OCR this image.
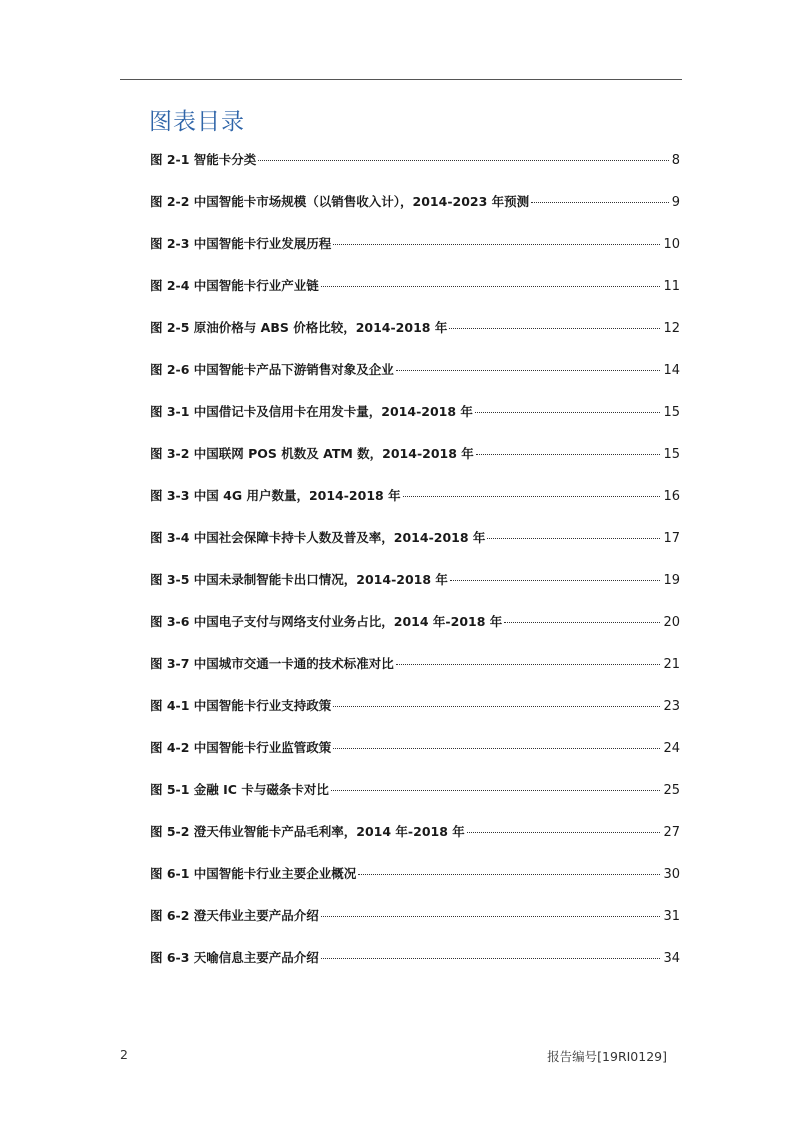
图表目录
图 2-1 智能卡分类	8
图 2-2 中国智能卡市场规模（以销售收入计），2014-2023 年预测	9
图 2-3 中国智能卡行业发展历程	10
图 2-4 中国智能卡行业产业链	11
图 2-5 原油价格与 ABS 价格比较，2014-2018 年	12
图 2-6 中国智能卡产品下游销售对象及企业	14
图 3-1 中国借记卡及信用卡在用发卡量，2014-2018 年	15
图 3-2 中国联网 POS 机数及 ATM 数，2014-2018 年	15
图 3-3 中国 4G 用户数量，2014-2018 年	16
图 3-4 中国社会保障卡持卡人数及普及率，2014-2018 年	17
图 3-5 中国未录制智能卡出口情况，2014-2018 年	19
图 3-6 中国电子支付与网络支付业务占比，2014 年-2018 年	20
图 3-7 中国城市交通一卡通的技术标准对比	21
图 4-1 中国智能卡行业支持政策	23
图 4-2 中国智能卡行业监管政策	24
图 5-1 金融 IC 卡与磁条卡对比	25
图 5-2 澄天伟业智能卡产品毛利率，2014 年-2018 年	27
图 6-1 中国智能卡行业主要企业概况	30
图 6-2 澄天伟业主要产品介绍	31
图 6-3 天喻信息主要产品介绍	34
2	报告编号[19RI0129]
